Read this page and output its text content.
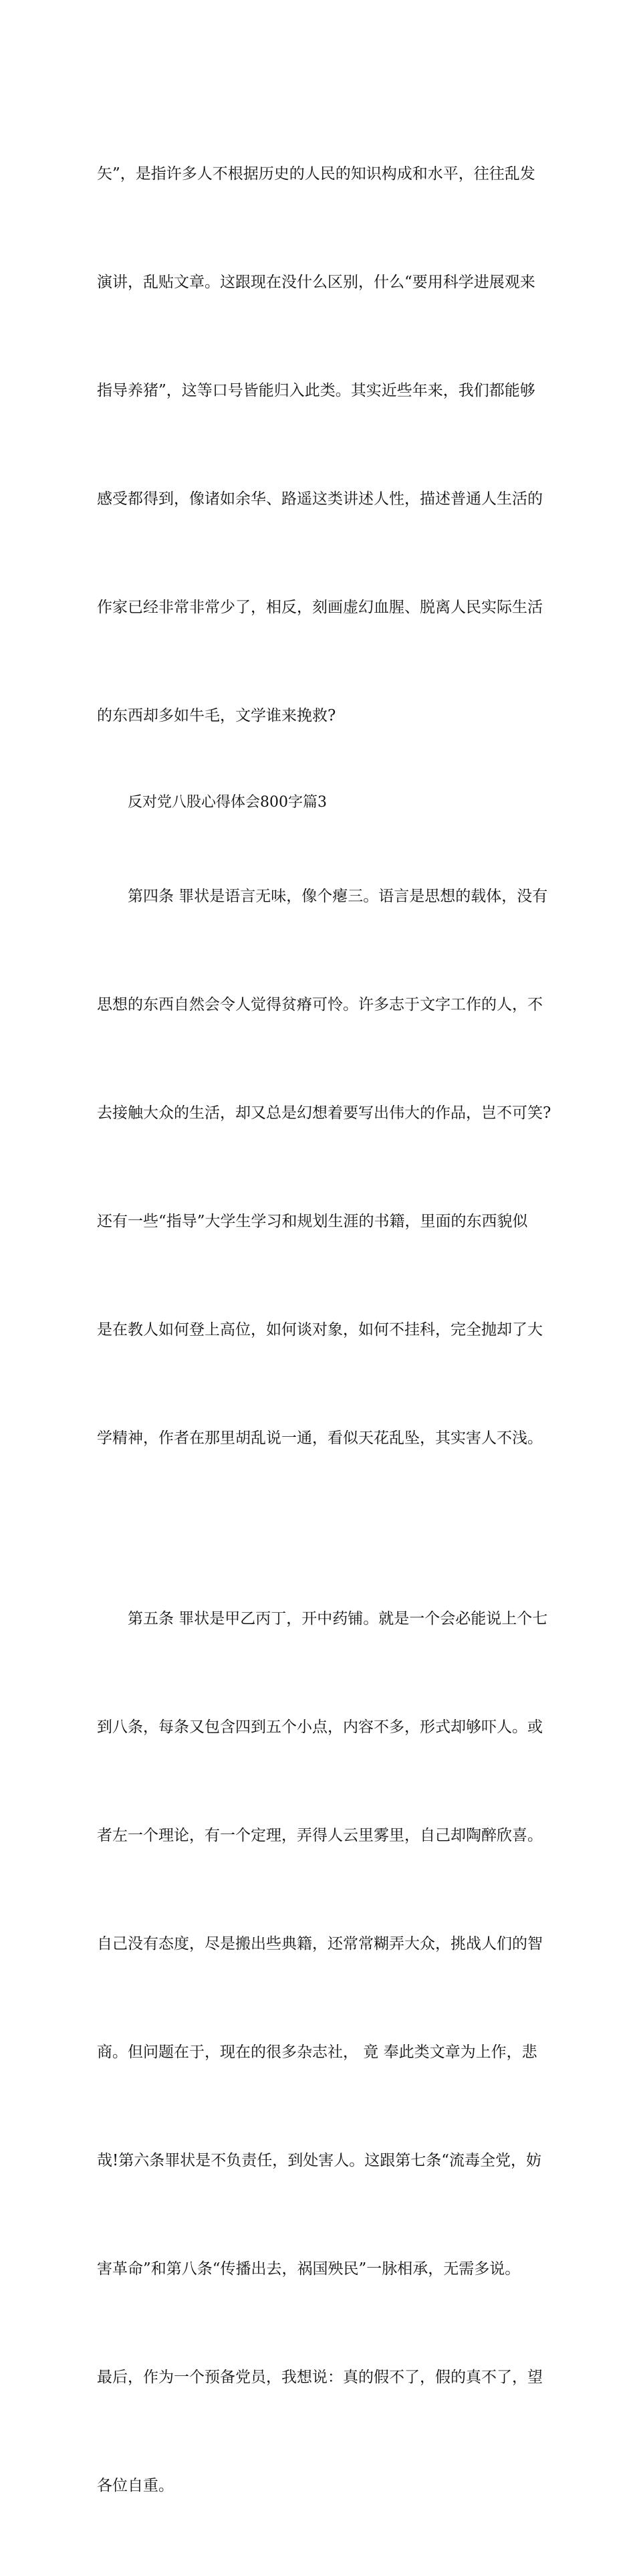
矢”，是指许多人不根据历史的人民的知识构成和水平，往往乱发

演讲，乱贴文章。这跟现在没什么区别，什么“要用科学进展观来

指导养猪”，这等口号皆能归入此类。其实近些年来，我们都能够

感受都得到，像诸如余华、路遥这类讲述人性，描述普通人生活的

作家已经非常非常少了，相反，刻画虚幻血腥、脱离人民实际生活

的东西却多如牛毛，文学谁来挽救?

第四条 罪状是语言无味，像个瘪三。语言是思想的载体，没有

思想的东西自然会令人觉得贫瘠可怜。许多志于文字工作的人，不

去接触大众的生活，却又总是幻想着要写出伟大的作品，岂不可笑?

还有一些“指导”大学生学习和规划生涯的书籍，里面的东西貌似

是在教人如何登上高位，如何谈对象，如何不挂科，完全抛却了大

学精神，作者在那里胡乱说一通，看似天花乱坠，其实害人不浅。

第五条 罪状是甲乙丙丁，开中药铺。就是一个会必能说上个七

到八条，每条又包含四到五个小点，内容不多，形式却够吓人。或

者左一个理论，有一个定理，弄得人云里雾里，自己却陶醉欣喜。

自己没有态度，尽是搬出些典籍，还常常糊弄大众，挑战人们的智

商。但问题在于，现在的很多杂志社， 竟 奉此类文章为上作，悲

哉!第六条罪状是不负责任，到处害人。这跟第七条“流毒全党，妨

害革命”和第八条“传播出去，祸国殃民”一脉相承，无需多说。

最后，作为一个预备党员，我想说：真的假不了，假的真不了，望

各位自重。

反对党八股心得体会800字篇3
